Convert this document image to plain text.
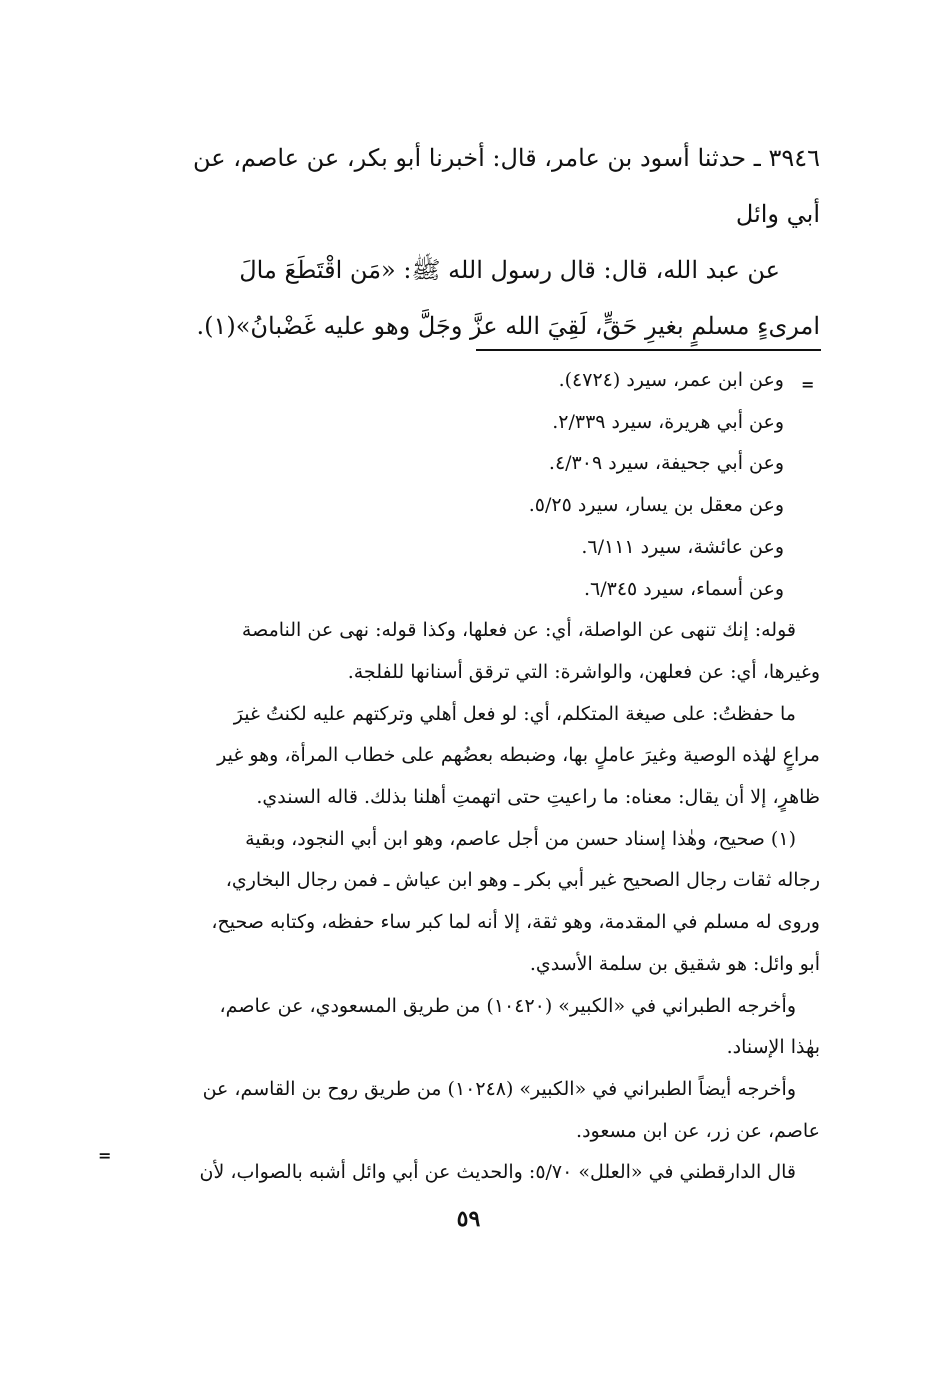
٣٩٤٦ ـ حدثنا أسود بن عامر، قال: أخبرنا أبو بكر، عن عاصم، عن
أبي وائل
عن عبد الله، قال: قال رسول الله ﷺ: «مَن اقْتَطَعَ مالَ
امرىءٍ مسلمٍ بغيرِ حَقٍّ، لَقِيَ الله عزَّ وجَلَّ وهو عليه غَضْبانُ»(١).
=
وعن ابن عمر، سيرد (٤٧٢٤).
وعن أبي هريرة، سيرد ٢/٣٣٩.
وعن أبي جحيفة، سيرد ٤/٣٠٩.
وعن معقل بن يسار، سيرد ٥/٢٥.
وعن عائشة، سيرد ٦/١١١.
وعن أسماء، سيرد ٦/٣٤٥.
قوله: إنك تنهى عن الواصلة، أي: عن فعلها، وكذا قوله: نهى عن النامصة
وغيرها، أي: عن فعلهن، والواشرة: التي ترقق أسنانها للفلجة.
ما حفظتُ: على صيغة المتكلم، أي: لو فعل أهلي وتركتهم عليه لكنتُ غيرَ
مراعٍ لهٰذه الوصية وغيرَ عاملٍ بها، وضبطه بعضُهم على خطاب المرأة، وهو غير
ظاهرٍ، إلا أن يقال: معناه: ما راعيتِ حتى اتهمتِ أهلنا بذلك. قاله السندي.
(١) صحيح، وهٰذا إسناد حسن من أجل عاصم، وهو ابن أبي النجود، وبقية
رجاله ثقات رجال الصحيح غير أبي بكر ـ وهو ابن عياش ـ فمن رجال البخاري،
وروى له مسلم في المقدمة، وهو ثقة، إلا أنه لما كبر ساء حفظه، وكتابه صحيح،
أبو وائل: هو شقيق بن سلمة الأسدي.
وأخرجه الطبراني في «الكبير» (١٠٤٢٠) من طريق المسعودي، عن عاصم،
بهٰذا الإسناد.
وأخرجه أيضاً الطبراني في «الكبير» (١٠٢٤٨) من طريق روح بن القاسم، عن
عاصم، عن زر، عن ابن مسعود.
قال الدارقطني في «العلل» ٥/٧٠: والحديث عن أبي وائل أشبه بالصواب، لأن
=
٥٩
